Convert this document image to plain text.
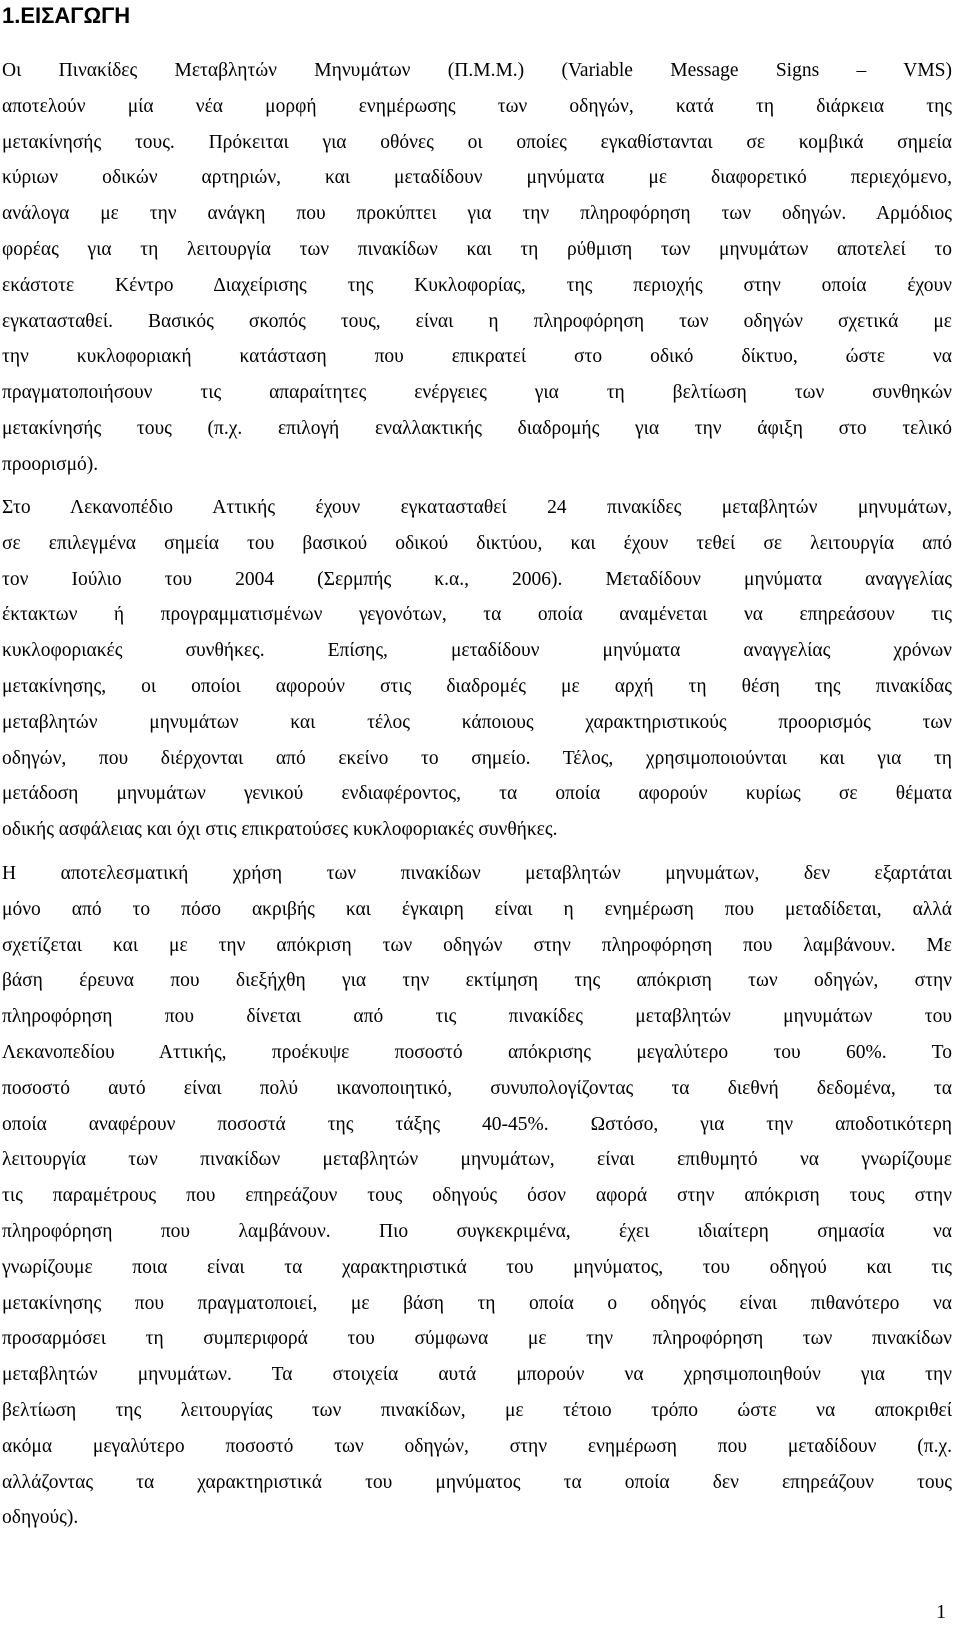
1.ΕΙΣΑΓΩΓΗ
Οι Πινακίδες Μεταβλητών Μηνυμάτων (Π.Μ.Μ.) (Variable Message Signs – VMS)
αποτελούν μία νέα μορφή ενημέρωσης των οδηγών, κατά τη διάρκεια της
μετακίνησής τους. Πρόκειται για οθόνες οι οποίες εγκαθίστανται σε κομβικά σημεία
κύριων οδικών αρτηριών, και μεταδίδουν μηνύματα με διαφορετικό περιεχόμενο,
ανάλογα με την ανάγκη που προκύπτει για την πληροφόρηση των οδηγών. Αρμόδιος
φορέας για τη λειτουργία των πινακίδων και τη ρύθμιση των μηνυμάτων αποτελεί το
εκάστοτε Κέντρο Διαχείρισης της Κυκλοφορίας, της περιοχής στην οποία έχουν
εγκατασταθεί. Βασικός σκοπός τους, είναι η πληροφόρηση των οδηγών σχετικά με
την κυκλοφοριακή κατάσταση που επικρατεί στο οδικό δίκτυο, ώστε να
πραγματοποιήσουν τις απαραίτητες ενέργειες για τη βελτίωση των συνθηκών
μετακίνησής τους (π.χ. επιλογή εναλλακτικής διαδρομής για την άφιξη στο τελικό
προορισμό).
Στο Λεκανοπέδιο Αττικής έχουν εγκατασταθεί 24 πινακίδες μεταβλητών μηνυμάτων,
σε επιλεγμένα σημεία του βασικού οδικού δικτύου, και έχουν τεθεί σε λειτουργία από
τον Ιούλιο του 2004 (Σερμπής κ.α., 2006). Μεταδίδουν μηνύματα αναγγελίας
έκτακτων ή προγραμματισμένων γεγονότων, τα οποία αναμένεται να επηρεάσουν τις
κυκλοφοριακές συνθήκες. Επίσης, μεταδίδουν μηνύματα αναγγελίας χρόνων
μετακίνησης, οι οποίοι αφορούν στις διαδρομές με αρχή τη θέση της πινακίδας
μεταβλητών μηνυμάτων και τέλος κάποιους χαρακτηριστικούς προορισμός των
οδηγών, που διέρχονται από εκείνο το σημείο. Τέλος, χρησιμοποιούνται και για τη
μετάδοση μηνυμάτων γενικού ενδιαφέροντος, τα οποία αφορούν κυρίως σε θέματα
οδικής ασφάλειας και όχι στις επικρατούσες κυκλοφοριακές συνθήκες.
Η αποτελεσματική χρήση των πινακίδων μεταβλητών μηνυμάτων, δεν εξαρτάται
μόνο από το πόσο ακριβής και έγκαιρη είναι η ενημέρωση που μεταδίδεται, αλλά
σχετίζεται και με την απόκριση των οδηγών στην πληροφόρηση που λαμβάνουν. Με
βάση έρευνα που διεξήχθη για την εκτίμηση της απόκριση των οδηγών, στην
πληροφόρηση που δίνεται από τις πινακίδες μεταβλητών μηνυμάτων του
Λεκανοπεδίου Αττικής, προέκυψε ποσοστό απόκρισης μεγαλύτερο του 60%. Το
ποσοστό αυτό είναι πολύ ικανοποιητικό, συνυπολογίζοντας τα διεθνή δεδομένα, τα
οποία αναφέρουν ποσοστά της τάξης 40-45%. Ωστόσο, για την αποδοτικότερη
λειτουργία των πινακίδων μεταβλητών μηνυμάτων, είναι επιθυμητό να γνωρίζουμε
τις παραμέτρους που επηρεάζουν τους οδηγούς όσον αφορά στην απόκριση τους στην
πληροφόρηση που λαμβάνουν. Πιο συγκεκριμένα, έχει ιδιαίτερη σημασία να
γνωρίζουμε ποια είναι τα χαρακτηριστικά του μηνύματος, του οδηγού και τις
μετακίνησης που πραγματοποιεί, με βάση τη οποία ο οδηγός είναι πιθανότερο να
προσαρμόσει τη συμπεριφορά του σύμφωνα με την πληροφόρηση των πινακίδων
μεταβλητών μηνυμάτων. Τα στοιχεία αυτά μπορούν να χρησιμοποιηθούν για την
βελτίωση της λειτουργίας των πινακίδων, με τέτοιο τρόπο ώστε να αποκριθεί
ακόμα μεγαλύτερο ποσοστό των οδηγών, στην ενημέρωση που μεταδίδουν (π.χ.
αλλάζοντας τα χαρακτηριστικά του μηνύματος τα οποία δεν επηρεάζουν τους
οδηγούς).
1
